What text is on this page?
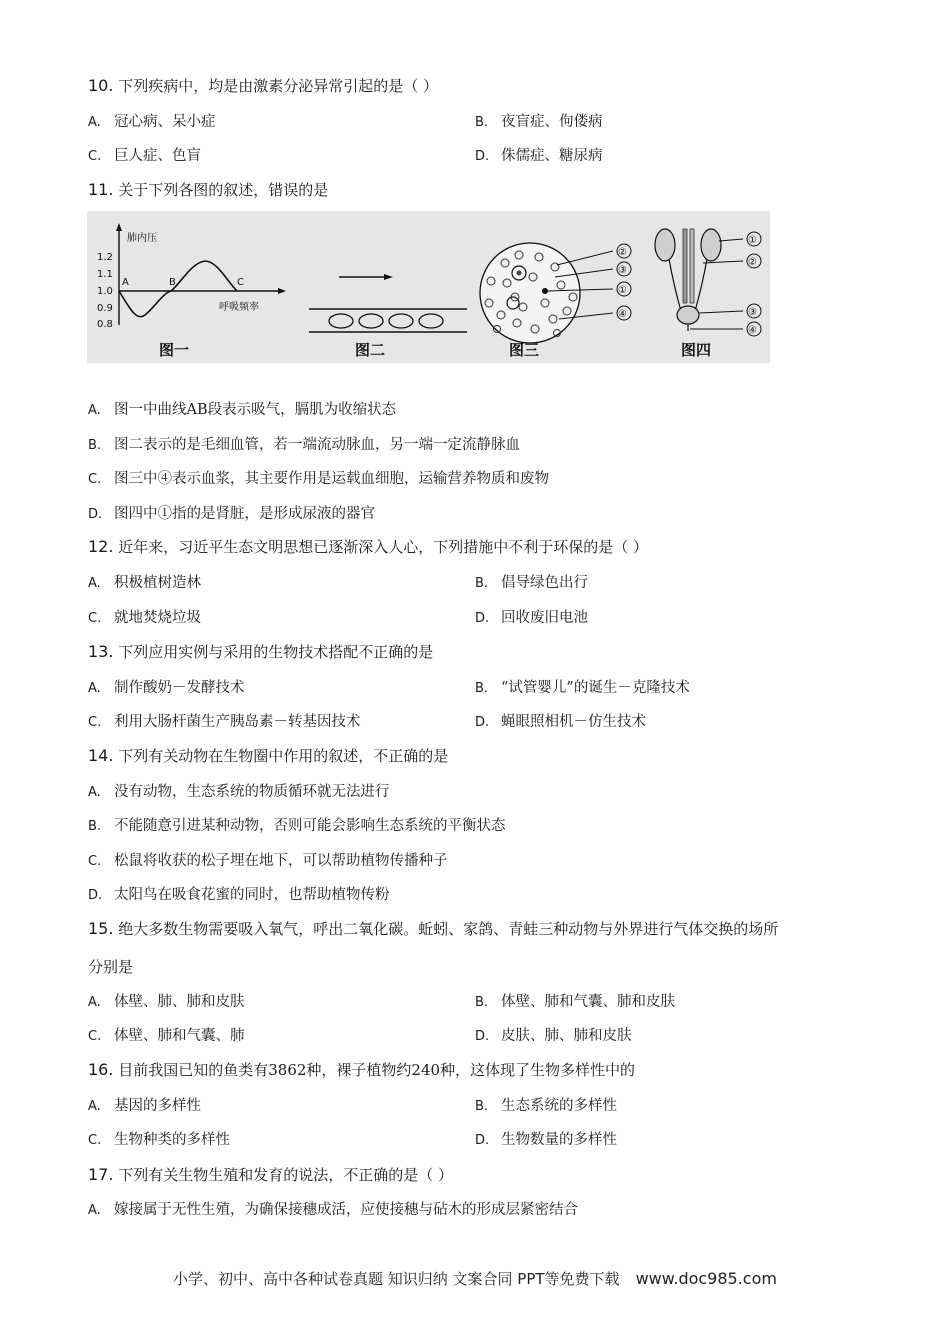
10. 下列疾病中，均是由激素分泌异常引起的是（ ）
A. 冠心病、呆小症	B. 夜盲症、佝偻病
C. 巨人症、色盲	D. 侏儒症、糖尿病
11. 关于下列各图的叙述，错误的是
肺内压
呼吸频率
1.2
1.1
1.0
0.9
0.8
A	B	C
图一	图二
②
③
①
④
图三
①
②
③
④
图四
A. 图一中曲线AB段表示吸气，膈肌为收缩状态
B. 图二表示的是毛细血管，若一端流动脉血，另一端一定流静脉血
C. 图三中④表示血浆，其主要作用是运载血细胞，运输营养物质和废物
D. 图四中①指的是肾脏，是形成尿液的器官
12. 近年来，习近平生态文明思想已逐渐深入人心，下列措施中不利于环保的是（ ）
A. 积极植树造林	B. 倡导绿色出行
C. 就地焚烧垃圾	D. 回收废旧电池
13. 下列应用实例与采用的生物技术搭配不正确的是
A. 制作酸奶－发酵技术	B. “试管婴儿”的诞生－克隆技术
C. 利用大肠杆菌生产胰岛素－转基因技术	D. 蝇眼照相机－仿生技术
14. 下列有关动物在生物圈中作用的叙述，不正确的是
A. 没有动物，生态系统的物质循环就无法进行
B. 不能随意引进某种动物，否则可能会影响生态系统的平衡状态
C. 松鼠将收获的松子埋在地下，可以帮助植物传播种子
D. 太阳鸟在吸食花蜜的同时，也帮助植物传粉
15. 绝大多数生物需要吸入氧气，呼出二氧化碳。蚯蚓、家鸽、青蛙三种动物与外界进行气体交换的场所
分别是
A. 体壁、肺、肺和皮肤	B. 体壁、肺和气囊、肺和皮肤
C. 体壁、肺和气囊、肺	D. 皮肤、肺、肺和皮肤
16. 目前我国已知的鱼类有3862种，裸子植物约240种，这体现了生物多样性中的
A. 基因的多样性	B. 生态系统的多样性
C. 生物种类的多样性	D. 生物数量的多样性
17. 下列有关生物生殖和发育的说法，不正确的是（ ）
A. 嫁接属于无性生殖，为确保接穗成活，应使接穗与砧木的形成层紧密结合
小学、初中、高中各种试卷真题 知识归纳 文案合同 PPT等免费下载 www.doc985.com
